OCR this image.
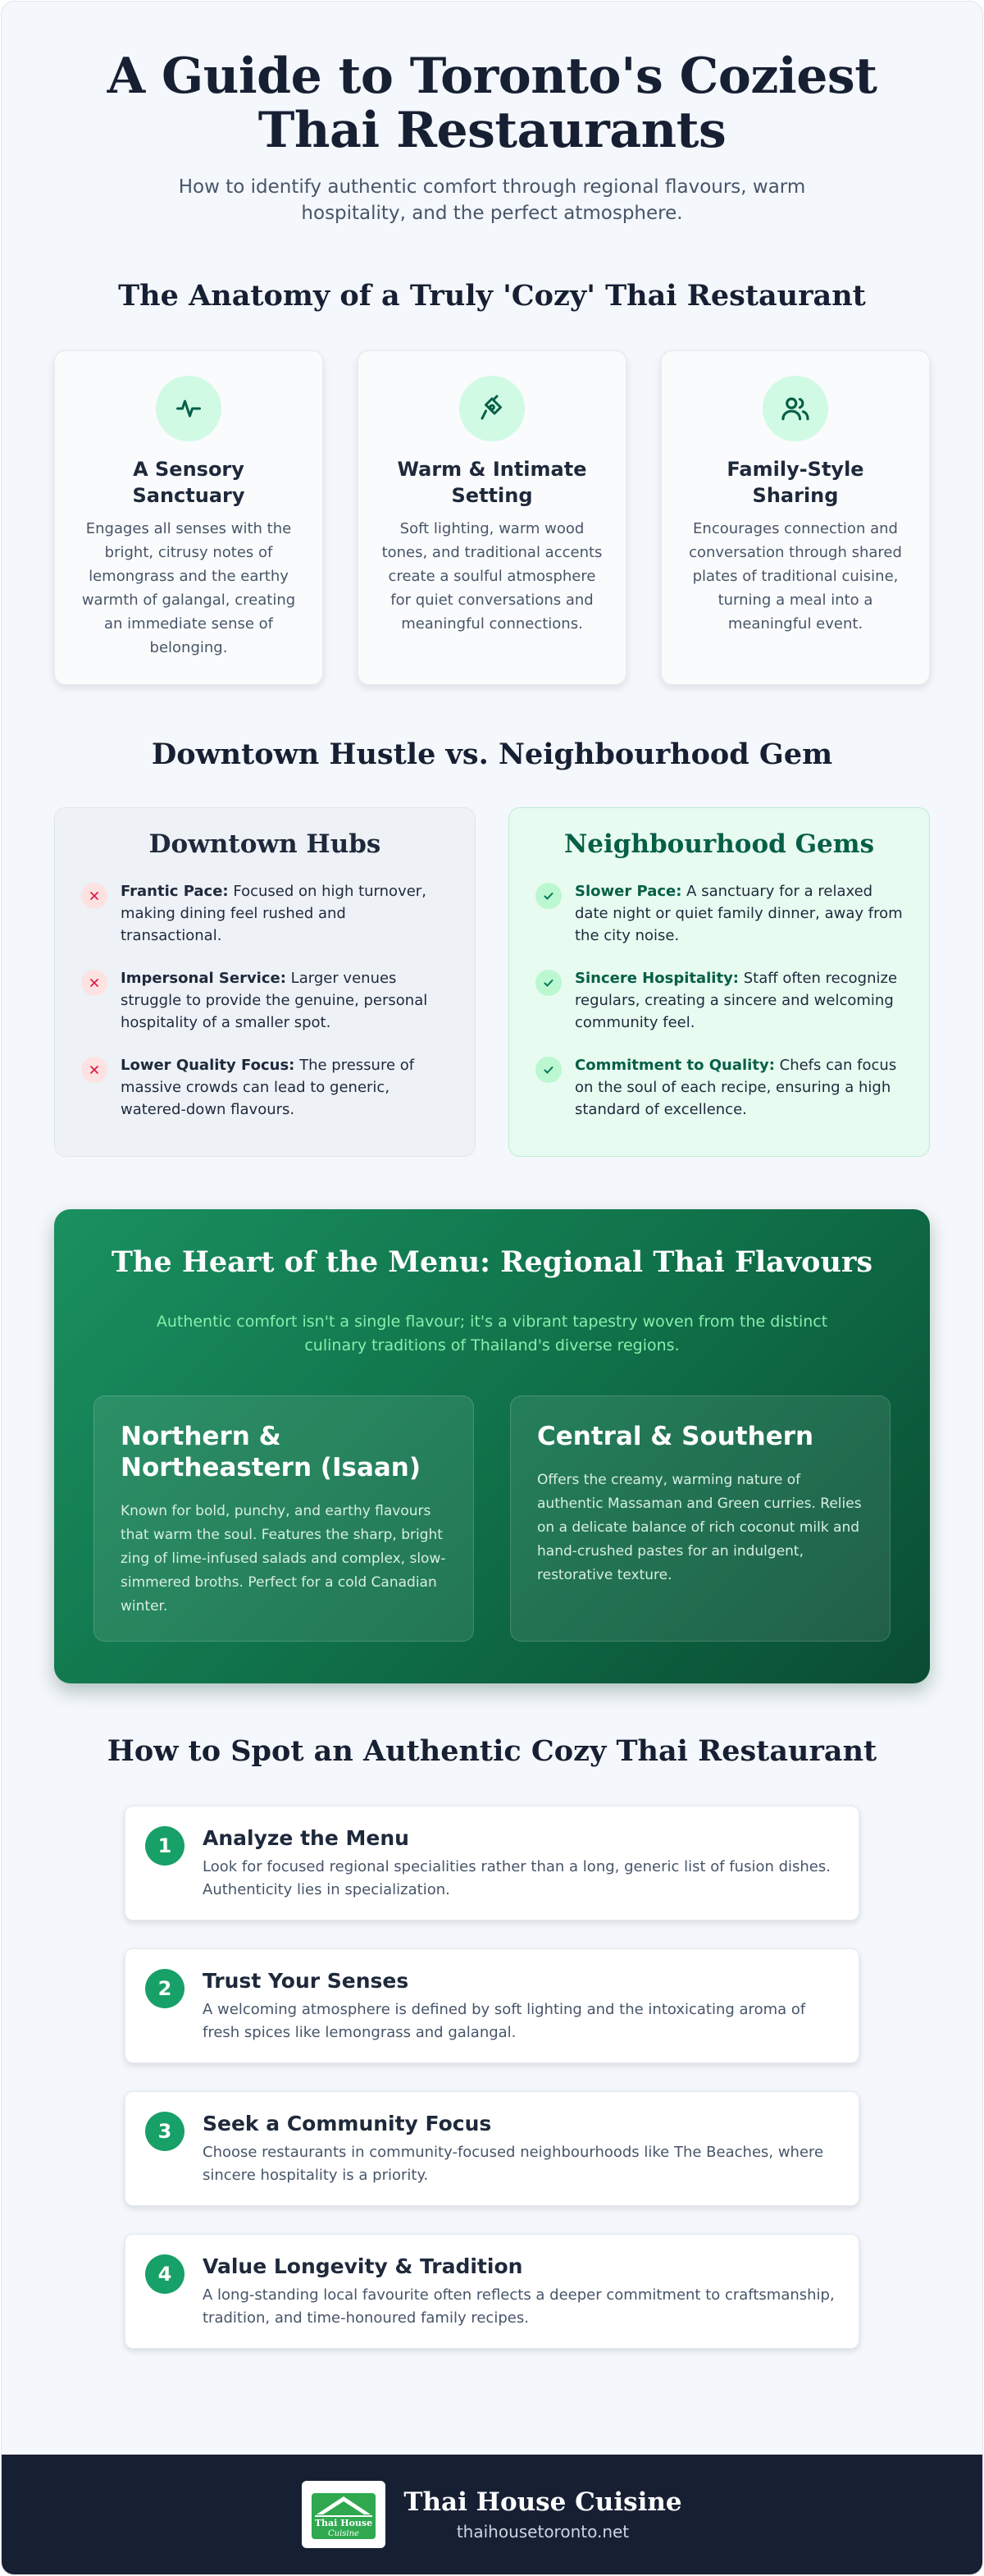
A Guide to Toronto's Coziest Thai Restaurants

How to identify authentic comfort through regional flavours, warm hospitality, and the perfect atmosphere.

The Anatomy of a Truly 'Cozy' Thai Restaurant
A Sensory Sanctuary

Engages all senses with the bright, citrusy notes of lemongrass and the earthy warmth of galangal, creating an immediate sense of belonging.

Warm & Intimate Setting

Soft lighting, warm wood tones, and traditional accents create a soulful atmosphere for quiet conversations and meaningful connections.

Family-Style Sharing

Encourages connection and conversation through shared plates of traditional cuisine, turning a meal into a meaningful event.

Downtown Hustle vs. Neighbourhood Gem
Downtown Hubs

Frantic Pace: Focused on high turnover, making dining feel rushed and transactional.

Impersonal Service: Larger venues struggle to provide the genuine, personal hospitality of a smaller spot.

Lower Quality Focus: The pressure of massive crowds can lead to generic, watered-down flavours.

Neighbourhood Gems

Slower Pace: A sanctuary for a relaxed date night or quiet family dinner, away from the city noise.

Sincere Hospitality: Staff often recognize regulars, creating a sincere and welcoming community feel.

Commitment to Quality: Chefs can focus on the soul of each recipe, ensuring a high standard of excellence.

The Heart of the Menu: Regional Thai Flavours

Authentic comfort isn't a single flavour; it's a vibrant tapestry woven from the distinct culinary traditions of Thailand's diverse regions.

Northern & Northeastern (Isaan)

Known for bold, punchy, and earthy flavours that warm the soul. Features the sharp, bright zing of lime-infused salads and complex, slow-simmered broths. Perfect for a cold Canadian winter.

Central & Southern

Offers the creamy, warming nature of authentic Massaman and Green curries. Relies on a delicate balance of rich coconut milk and hand-crushed pastes for an indulgent, restorative texture.

How to Spot an Authentic Cozy Thai Restaurant
1	Analyze the Menu

Look for focused regional specialities rather than a long, generic list of fusion dishes. Authenticity lies in specialization.

2	Trust Your Senses

A welcoming atmosphere is defined by soft lighting and the intoxicating aroma of fresh spices like lemongrass and galangal.

3	Seek a Community Focus

Choose restaurants in community-focused neighbourhoods like The Beaches, where sincere hospitality is a priority.

4	Value Longevity & Tradition

A long-standing local favourite often reflects a deeper commitment to craftsmanship, tradition, and time-honoured family recipes.

Thai House
Cuisine
Thai House Cuisine

thaihousetoronto.net
